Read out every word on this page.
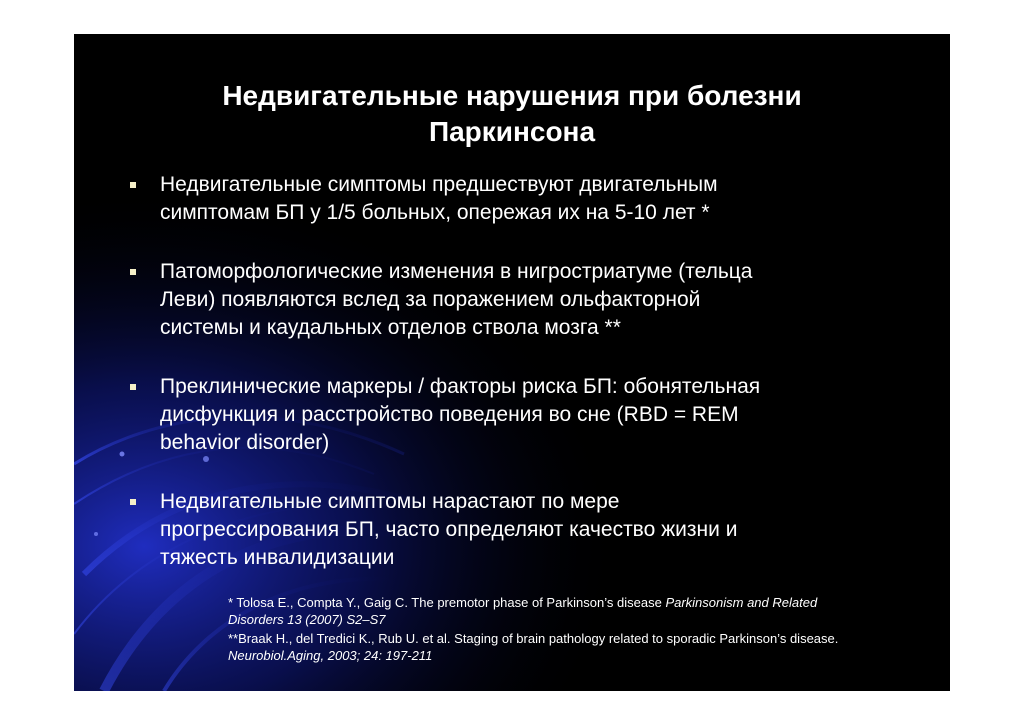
Недвигательные нарушения при болезни
Паркинсона
Недвигательные симптомы предшествуют двигательным
симптомам БП у 1/5 больных, опережая их на 5-10 лет *
Патоморфологические изменения в нигростриатуме (тельца
Леви) появляются вслед за поражением ольфакторной
системы и каудальных отделов ствола мозга **
Преклинические маркеры / факторы риска БП: обонятельная
дисфункция и расстройство поведения во сне (RBD = REM
behavior disorder)
Недвигательные симптомы нарастают по мере
прогрессирования БП, часто определяют качество жизни и
тяжесть инвалидизации

* Tolosa E., Compta Y., Gaig C. The premotor phase of Parkinson’s disease Parkinsonism and Related
Disorders 13 (2007) S2–S7

**Braak H., del Tredici K., Rub U. et al. Staging of brain pathology related to sporadic Parkinson’s disease.
Neurobiol.Aging, 2003; 24: 197-211
